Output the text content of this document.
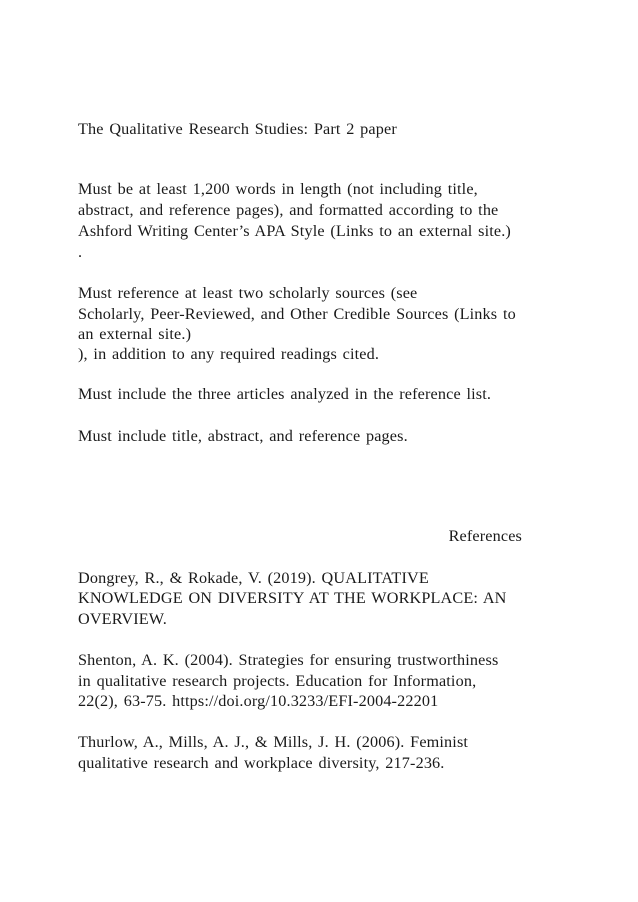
The Qualitative Research Studies: Part 2 paper
Must be at least 1,200 words in length (not including title,
abstract, and reference pages), and formatted according to the
Ashford Writing Center’s APA Style (Links to an external site.)
.
Must reference at least two scholarly sources (see
Scholarly, Peer-Reviewed, and Other Credible Sources (Links to
an external site.)
), in addition to any required readings cited.
Must include the three articles analyzed in the reference list.
Must include title, abstract, and reference pages.
References
Dongrey, R., & Rokade, V. (2019). QUALITATIVE
KNOWLEDGE ON DIVERSITY AT THE WORKPLACE: AN
OVERVIEW.
Shenton, A. K. (2004). Strategies for ensuring trustworthiness
in qualitative research projects. Education for Information,
22(2), 63-75. https://doi.org/10.3233/EFI-2004-22201
Thurlow, A., Mills, A. J., & Mills, J. H. (2006). Feminist
qualitative research and workplace diversity, 217-236.
